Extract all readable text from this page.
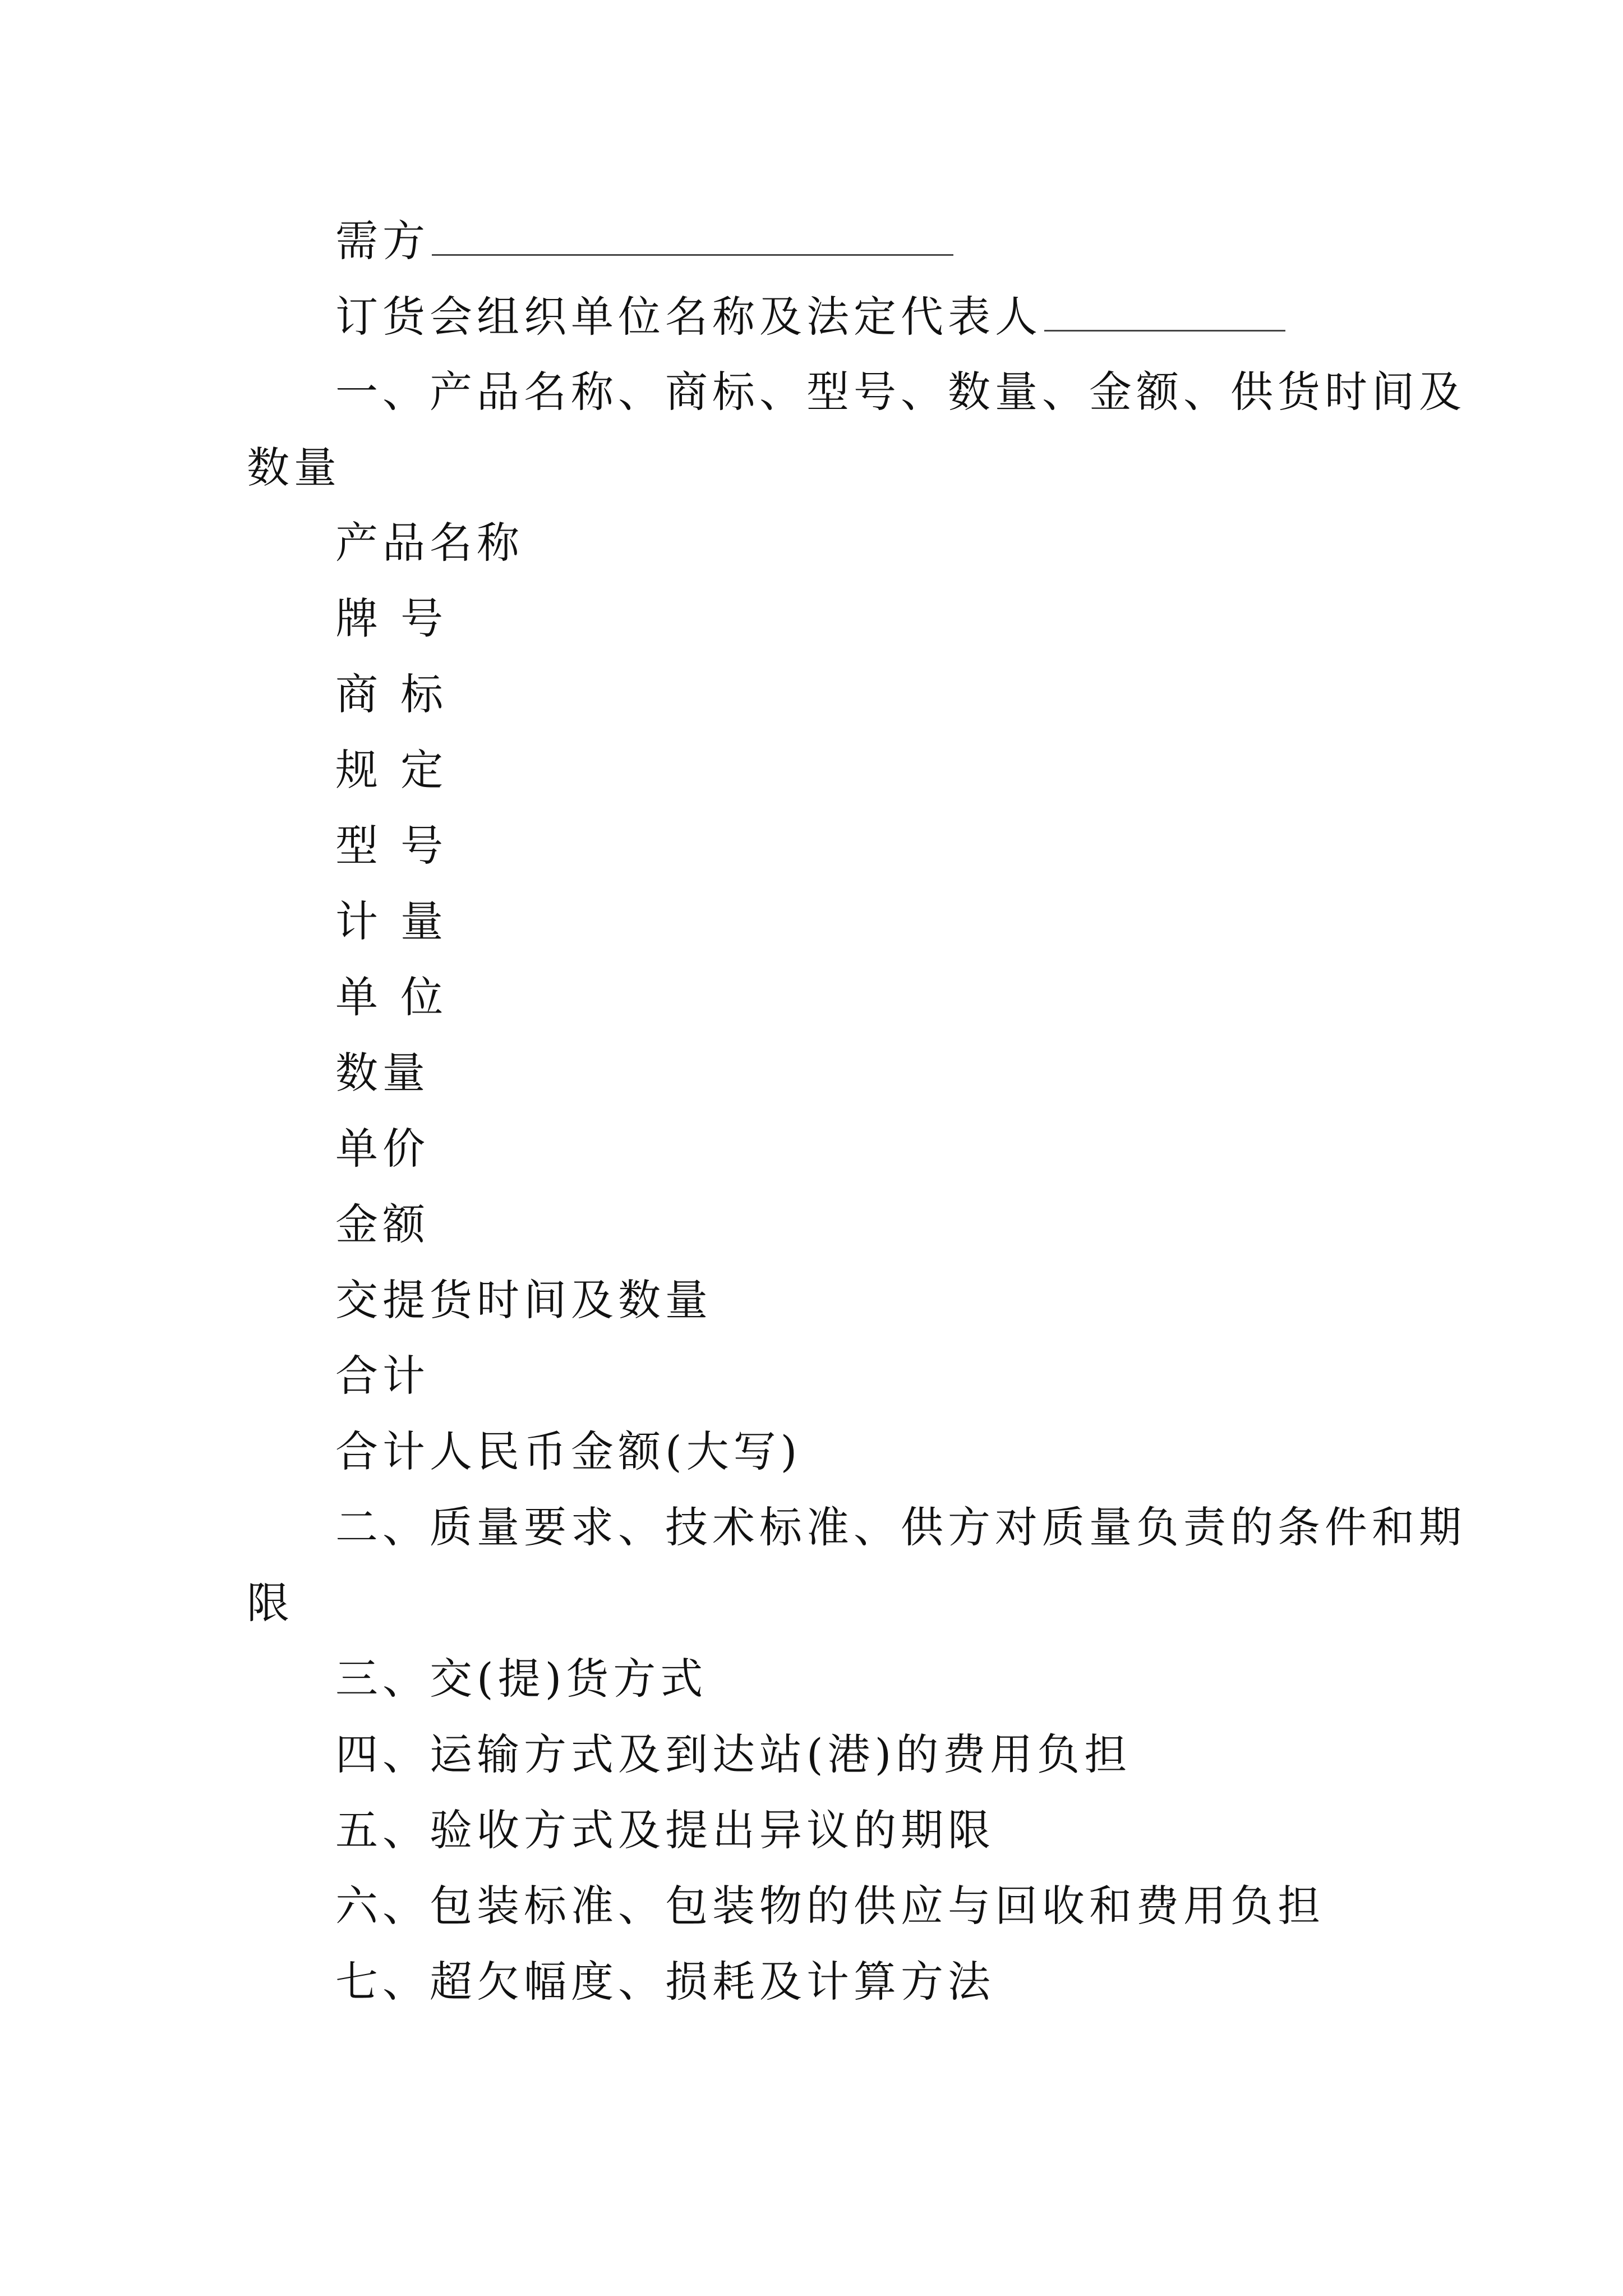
需方
订货会组织单位名称及法定代表人
一、产品名称、商标、型号、数量、金额、供货时间及
数量
产品名称
牌 号
商 标
规 定
型 号
计 量
单 位
数量
单价
金额
交提货时间及数量
合计
合计人民币金额(大写)
二、质量要求、技术标准、供方对质量负责的条件和期
限
三、交(提)货方式
四、运输方式及到达站(港)的费用负担
五、验收方式及提出异议的期限
六、包装标准、包装物的供应与回收和费用负担
七、超欠幅度、损耗及计算方法
